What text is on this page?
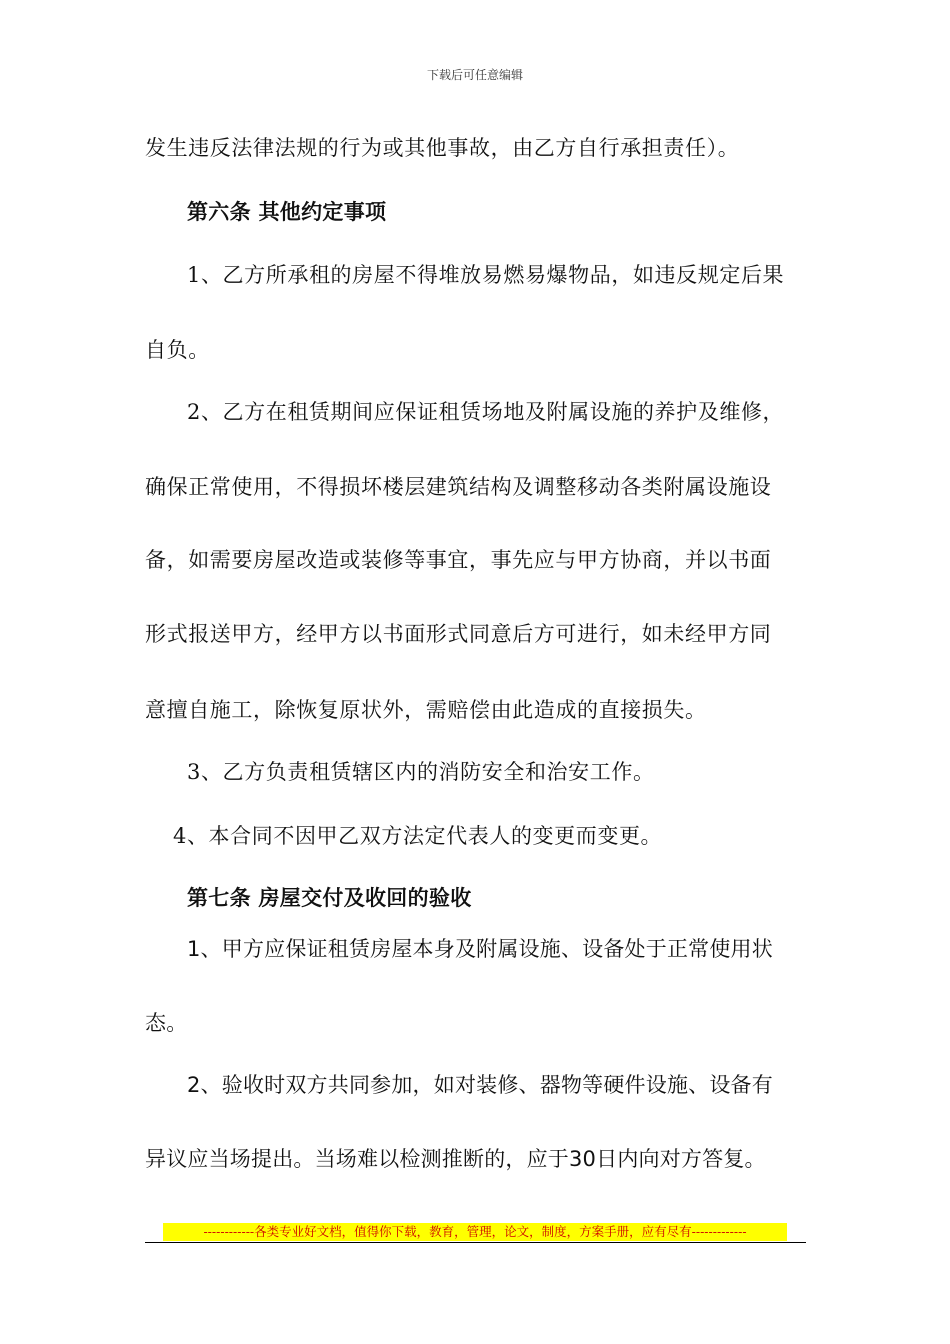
下载后可任意编辑
发生违反法律法规的行为或其他事故，由乙方自行承担责任）。
第六条 其他约定事项
1、乙方所承租的房屋不得堆放易燃易爆物品，如违反规定后果
自负。
2、乙方在租赁期间应保证租赁场地及附属设施的养护及维修，
确保正常使用，不得损坏楼层建筑结构及调整移动各类附属设施设
备，如需要房屋改造或装修等事宜，事先应与甲方协商，并以书面
形式报送甲方，经甲方以书面形式同意后方可进行，如未经甲方同
意擅自施工，除恢复原状外，需赔偿由此造成的直接损失。
3、乙方负责租赁辖区内的消防安全和治安工作。
4、本合同不因甲乙双方法定代表人的变更而变更。
第七条 房屋交付及收回的验收
1、甲方应保证租赁房屋本身及附属设施、设备处于正常使用状
态。
2、验收时双方共同参加，如对装修、器物等硬件设施、设备有
异议应当场提出。当场难以检测推断的，应于30日内向对方答复。
------------各类专业好文档，值得你下载，教育，管理，论文，制度，方案手册，应有尽有-------------
